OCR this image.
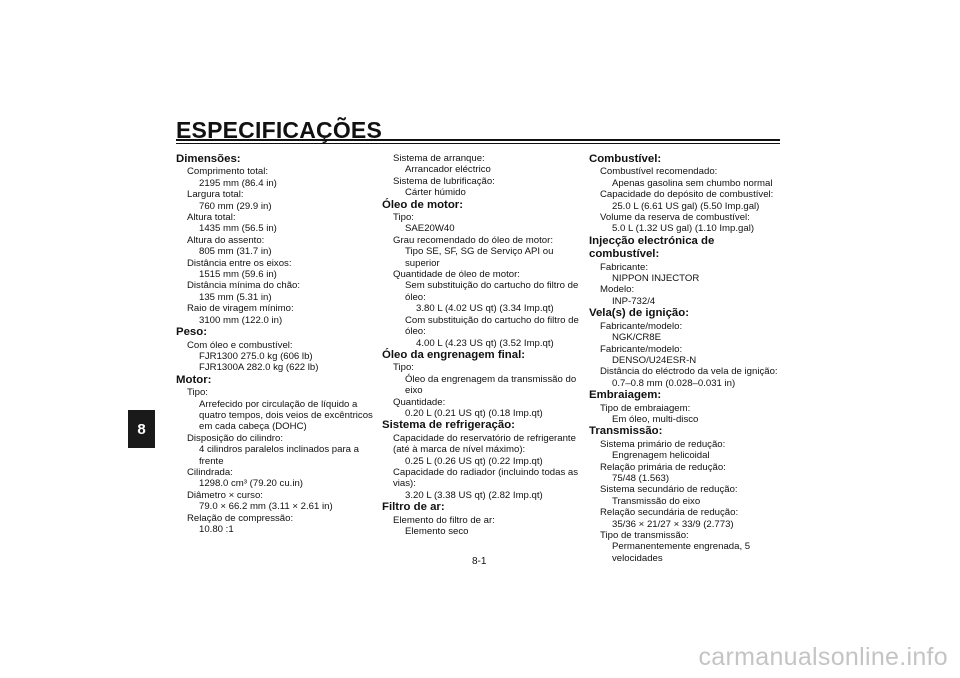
ESPECIFICAÇÕES
8
Dimensões:
Comprimento total:
2195 mm (86.4 in)
Largura total:
760 mm (29.9 in)
Altura total:
1435 mm (56.5 in)
Altura do assento:
805 mm (31.7 in)
Distância entre os eixos:
1515 mm (59.6 in)
Distância mínima do chão:
135 mm (5.31 in)
Raio de viragem mínimo:
3100 mm (122.0 in)
Peso:
Com óleo e combustível:
FJR1300 275.0 kg (606 lb)
FJR1300A 282.0 kg (622 lb)
Motor:
Tipo:
Arrefecido por circulação de líquido a
quatro tempos, dois veios de excêntricos
em cada cabeça (DOHC)
Disposição do cilindro:
4 cilindros paralelos inclinados para a
frente
Cilindrada:
1298.0 cm³ (79.20 cu.in)
Diâmetro × curso:
79.0 × 66.2 mm (3.11 × 2.61 in)
Relação de compressão:
10.80 :1
Sistema de arranque:
Arrancador eléctrico
Sistema de lubrificação:
Cárter húmido
Óleo de motor:
Tipo:
SAE20W40
Grau recomendado do óleo de motor:
Tipo SE, SF, SG de Serviço API ou
superior
Quantidade de óleo de motor:
Sem substituição do cartucho do filtro de
óleo:
3.80 L (4.02 US qt) (3.34 Imp.qt)
Com substituição do cartucho do filtro de
óleo:
4.00 L (4.23 US qt) (3.52 Imp.qt)
Óleo da engrenagem final:
Tipo:
Óleo da engrenagem da transmissão do
eixo
Quantidade:
0.20 L (0.21 US qt) (0.18 Imp.qt)
Sistema de refrigeração:
Capacidade do reservatório de refrigerante
(até à marca de nível máximo):
0.25 L (0.26 US qt) (0.22 Imp.qt)
Capacidade do radiador (incluindo todas as
vias):
3.20 L (3.38 US qt) (2.82 Imp.qt)
Filtro de ar:
Elemento do filtro de ar:
Elemento seco
Combustível:
Combustível recomendado:
Apenas gasolina sem chumbo normal
Capacidade do depósito de combustível:
25.0 L (6.61 US gal) (5.50 Imp.gal)
Volume da reserva de combustível:
5.0 L (1.32 US gal) (1.10 Imp.gal)
Injecção electrónica de combustível:
Fabricante:
NIPPON INJECTOR
Modelo:
INP-732/4
Vela(s) de ignição:
Fabricante/modelo:
NGK/CR8E
Fabricante/modelo:
DENSO/U24ESR-N
Distância do eléctrodo da vela de ignição:
0.7–0.8 mm (0.028–0.031 in)
Embraiagem:
Tipo de embraiagem:
Em óleo, multi-disco
Transmissão:
Sistema primário de redução:
Engrenagem helicoidal
Relação primária de redução:
75/48 (1.563)
Sistema secundário de redução:
Transmissão do eixo
Relação secundária de redução:
35/36 × 21/27 × 33/9 (2.773)
Tipo de transmissão:
Permanentemente engrenada, 5
velocidades
8-1
carmanualsonline.info
